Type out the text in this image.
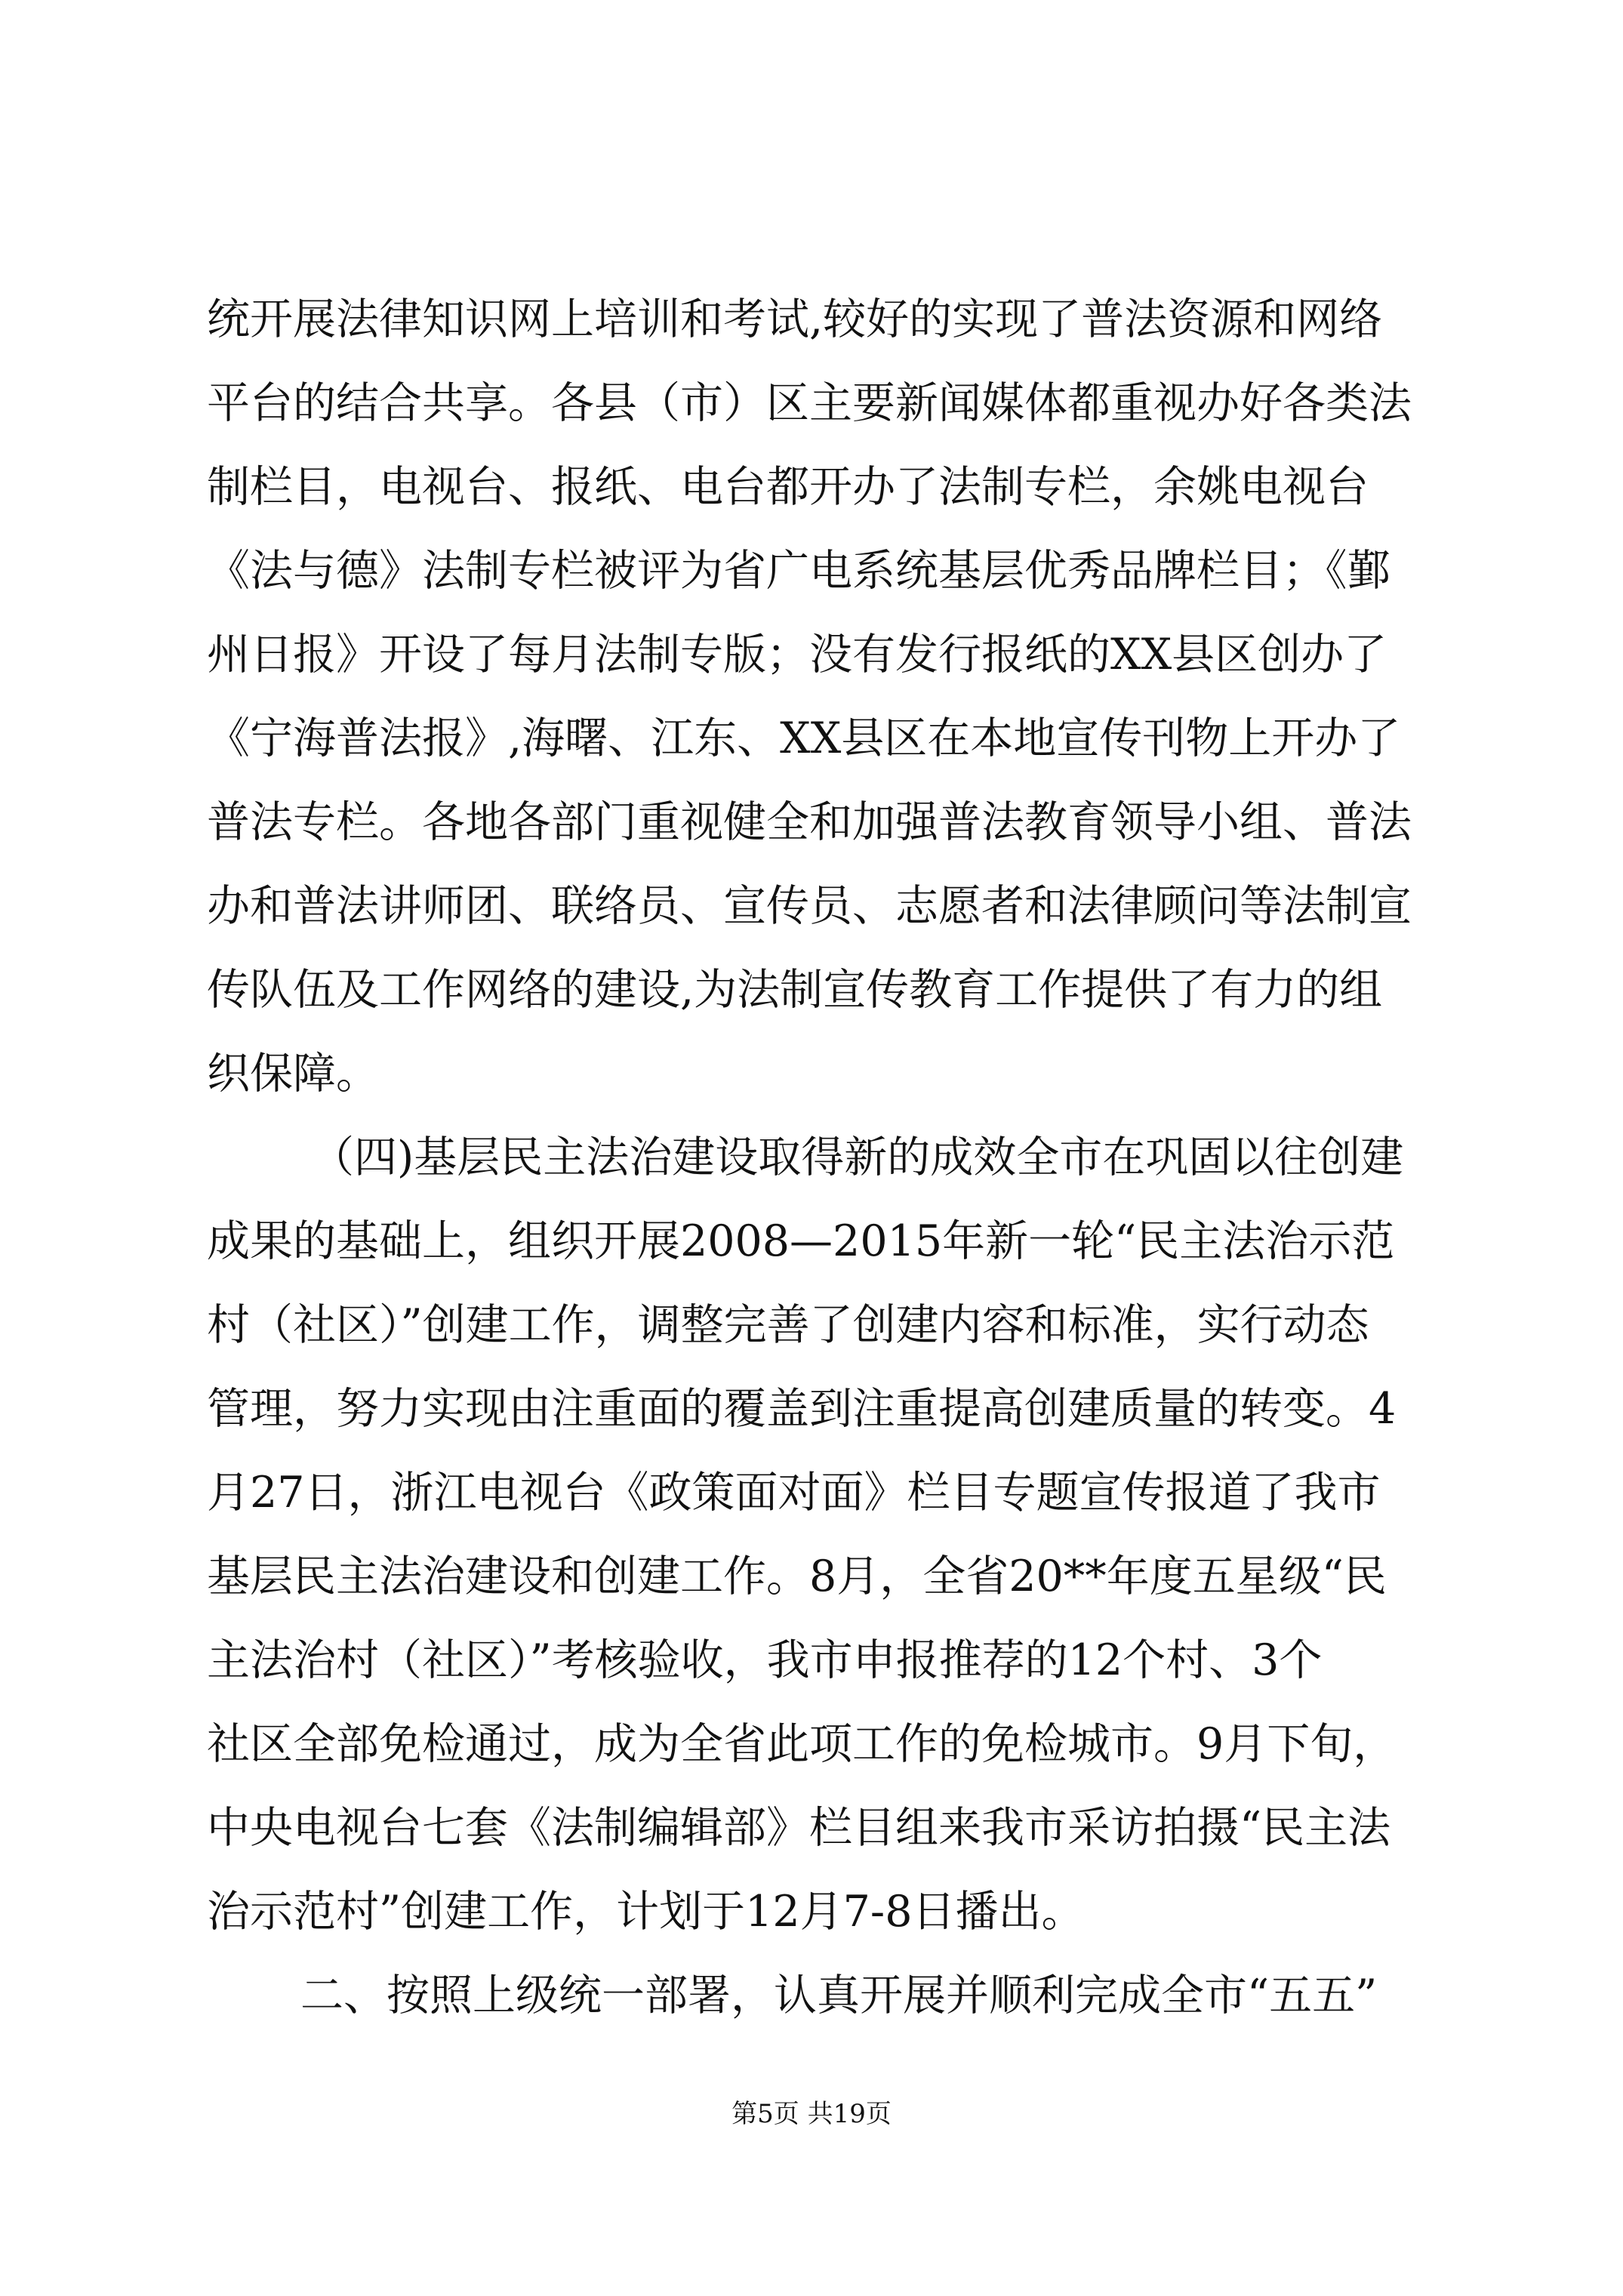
统开展法律知识网上培训和考试,较好的实现了普法资源和网络
平台的结合共享。各县（市）区主要新闻媒体都重视办好各类法
制栏目，电视台、报纸、电台都开办了法制专栏，余姚电视台
《法与德》法制专栏被评为省广电系统基层优秀品牌栏目；《鄞
州日报》开设了每月法制专版；没有发行报纸的XX县区创办了
《宁海普法报》,海曙、江东、XX县区在本地宣传刊物上开办了
普法专栏。各地各部门重视健全和加强普法教育领导小组、普法
办和普法讲师团、联络员、宣传员、志愿者和法律顾问等法制宣
传队伍及工作网络的建设,为法制宣传教育工作提供了有力的组
织保障。
（四)基层民主法治建设取得新的成效全市在巩固以往创建
成果的基础上，组织开展2008—2015年新一轮“民主法治示范
村（社区）”创建工作，调整完善了创建内容和标准，实行动态
管理，努力实现由注重面的覆盖到注重提高创建质量的转变。4
月27日，浙江电视台《政策面对面》栏目专题宣传报道了我市
基层民主法治建设和创建工作。8月，全省20**年度五星级“民
主法治村（社区）”考核验收，我市申报推荐的12个村、3个
社区全部免检通过，成为全省此项工作的免检城市。9月下旬，
中央电视台七套《法制编辑部》栏目组来我市采访拍摄“民主法
治示范村”创建工作，计划于12月7-8日播出。
二、按照上级统一部署，认真开展并顺利完成全市“五五”
第5页 共19页
